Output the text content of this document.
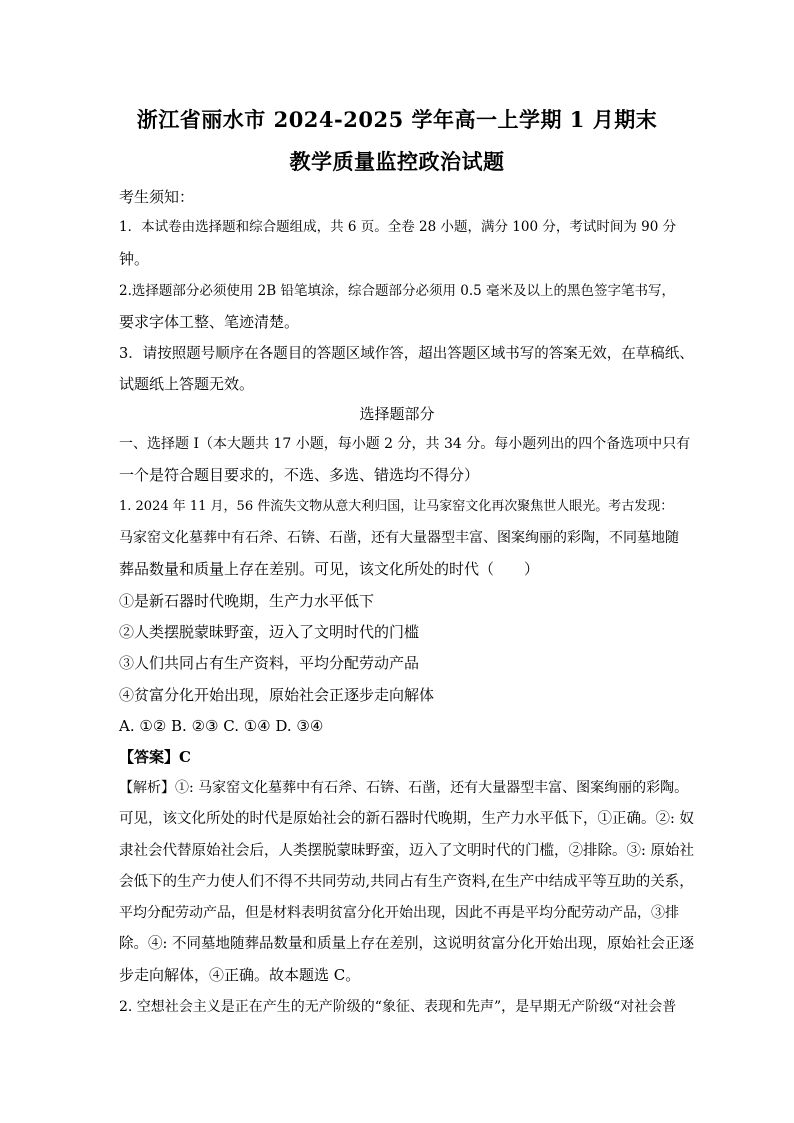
浙江省丽水市 2024-2025 学年高一上学期 1 月期末
教学质量监控政治试题
考生须知：
1．本试卷由选择题和综合题组成，共 6 页。全卷 28 小题，满分 100 分，考试时间为 90 分
钟。
2.选择题部分必须使用 2B 铅笔填涂，综合题部分必须用 0.5 毫米及以上的黑色签字笔书写，
要求字体工整、笔迹清楚。
3．请按照题号顺序在各题目的答题区域作答，超出答题区域书写的答案无效，在草稿纸、
试题纸上答题无效。
选择题部分
一、选择题 I（本大题共 17 小题，每小题 2 分，共 34 分。每小题列出的四个备选项中只有
一个是符合题目要求的，不选、多选、错选均不得分）
1. 2024 年 11 月，56 件流失文物从意大利归国，让马家窑文化再次聚焦世人眼光。考古发现：
马家窑文化墓葬中有石斧、石锛、石凿，还有大量器型丰富、图案绚丽的彩陶，不同墓地随
葬品数量和质量上存在差别。可见，该文化所处的时代（　　）
①是新石器时代晚期，生产力水平低下
②人类摆脱蒙昧野蛮，迈入了文明时代的门槛
③人们共同占有生产资料，平均分配劳动产品
④贫富分化开始出现，原始社会正逐步走向解体
A. ①② B. ②③ C. ①④ D. ③④
【答案】C
【解析】①: 马家窑文化墓葬中有石斧、石锛、石凿，还有大量器型丰富、图案绚丽的彩陶。
可见，该文化所处的时代是原始社会的新石器时代晚期，生产力水平低下，①正确。②: 奴
隶社会代替原始社会后，人类摆脱蒙昧野蛮，迈入了文明时代的门槛，②排除。③: 原始社
会低下的生产力使人们不得不共同劳动,共同占有生产资料,在生产中结成平等互助的关系，
平均分配劳动产品，但是材料表明贫富分化开始出现，因此不再是平均分配劳动产品，③排
除。④: 不同墓地随葬品数量和质量上存在差别，这说明贫富分化开始出现，原始社会正逐
步走向解体，④正确。故本题选 C。
2. 空想社会主义是正在产生的无产阶级的“象征、表现和先声”，是早期无产阶级“对社会普
